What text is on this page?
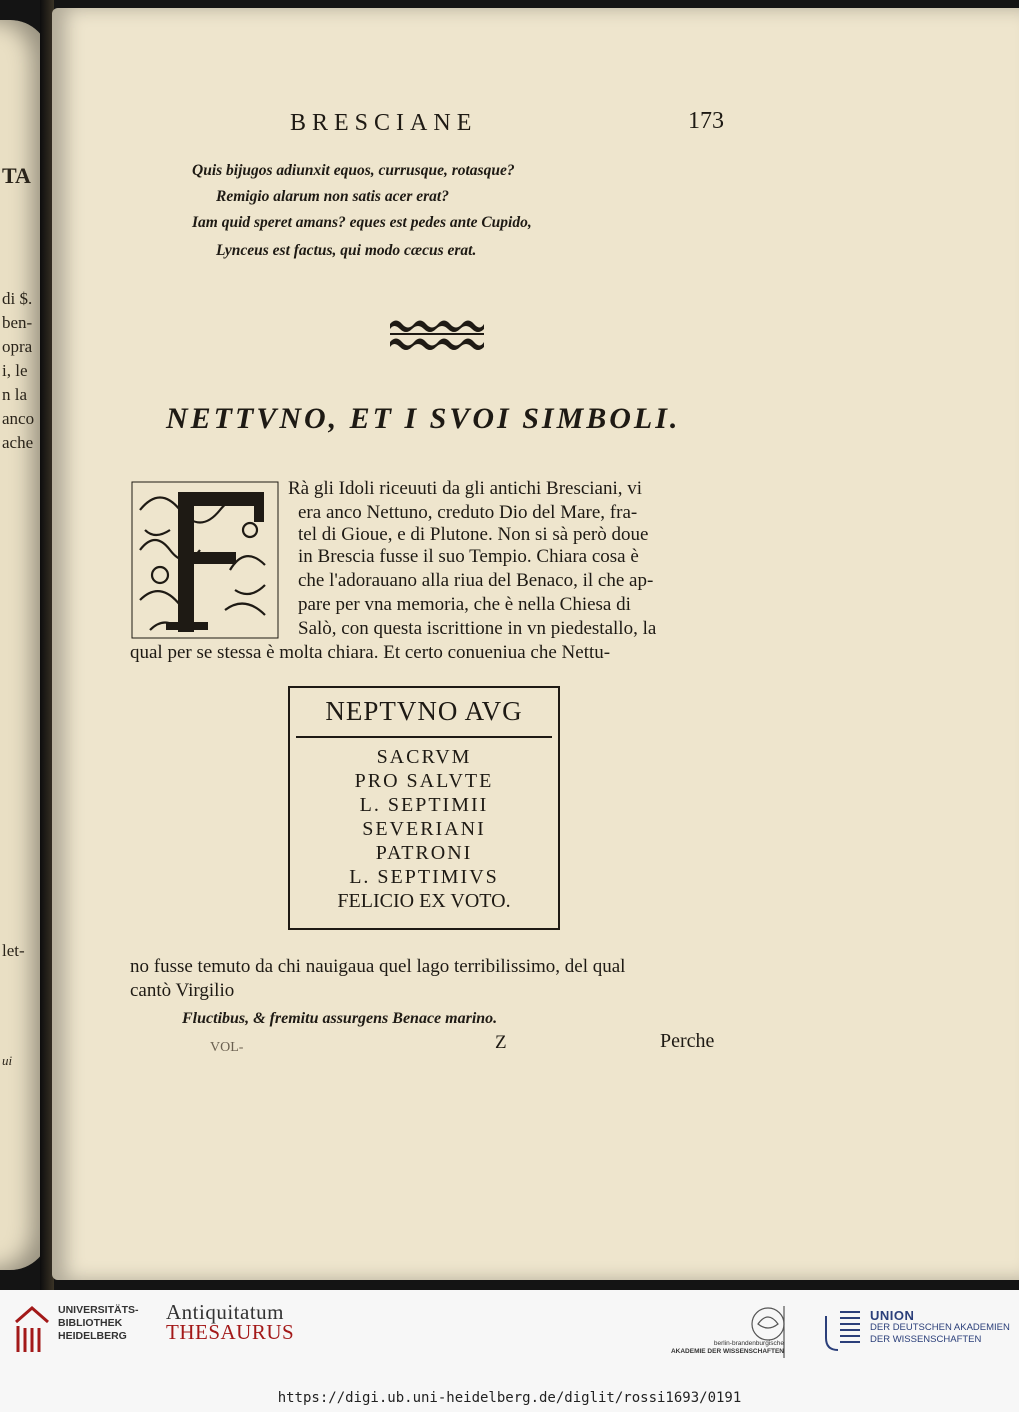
TA
di $.
ben-
opra
i, le
n la
anco
ache
let-
ui
BRESCIANE	173
Quis bijugos adiunxit equos, currusque, rotasque?
Remigio alarum non satis acer erat?
Iam quid speret amans? eques est pedes ante Cupido,
Lynceus est factus, qui modo cæcus erat.
NETTVNO, ET I SVOI SIMBOLI.
Rà gli Idoli riceuuti da gli antichi Bresciani, vi
era anco Nettuno, creduto Dio del Mare, fra-
tel di Gioue, e di Plutone. Non si sà però doue
in Brescia fusse il suo Tempio. Chiara cosa è
che l'adorauano alla riua del Benaco, il che ap-
pare per vna memoria, che è nella Chiesa di
Salò, con questa iscrittione in vn piedestallo, la
qual per se stessa è molta chiara. Et certo conueniua che Nettu-
NEPTVNO AVG
SACRVM
PRO SALVTE
L. SEPTIMII
SEVERIANI
PATRONI
L. SEPTIMIVS
FELICIO EX VOTO.
no fusse temuto da chi nauigaua quel lago terribilissimo, del qual
cantò Virgilio
Fluctibus, & fremitu assurgens Benace marino.
VOL-	Z	Perche
UNIVERSITÄTS-
BIBLIOTHEK
HEIDELBERG
Antiquitatum
THESAURUS	berlin-brandenburgische
AKADEMIE DER WISSENSCHAFTEN
UNION
DER DEUTSCHEN AKADEMIEN
DER WISSENSCHAFTEN
https://digi.ub.uni-heidelberg.de/diglit/rossi1693/0191
